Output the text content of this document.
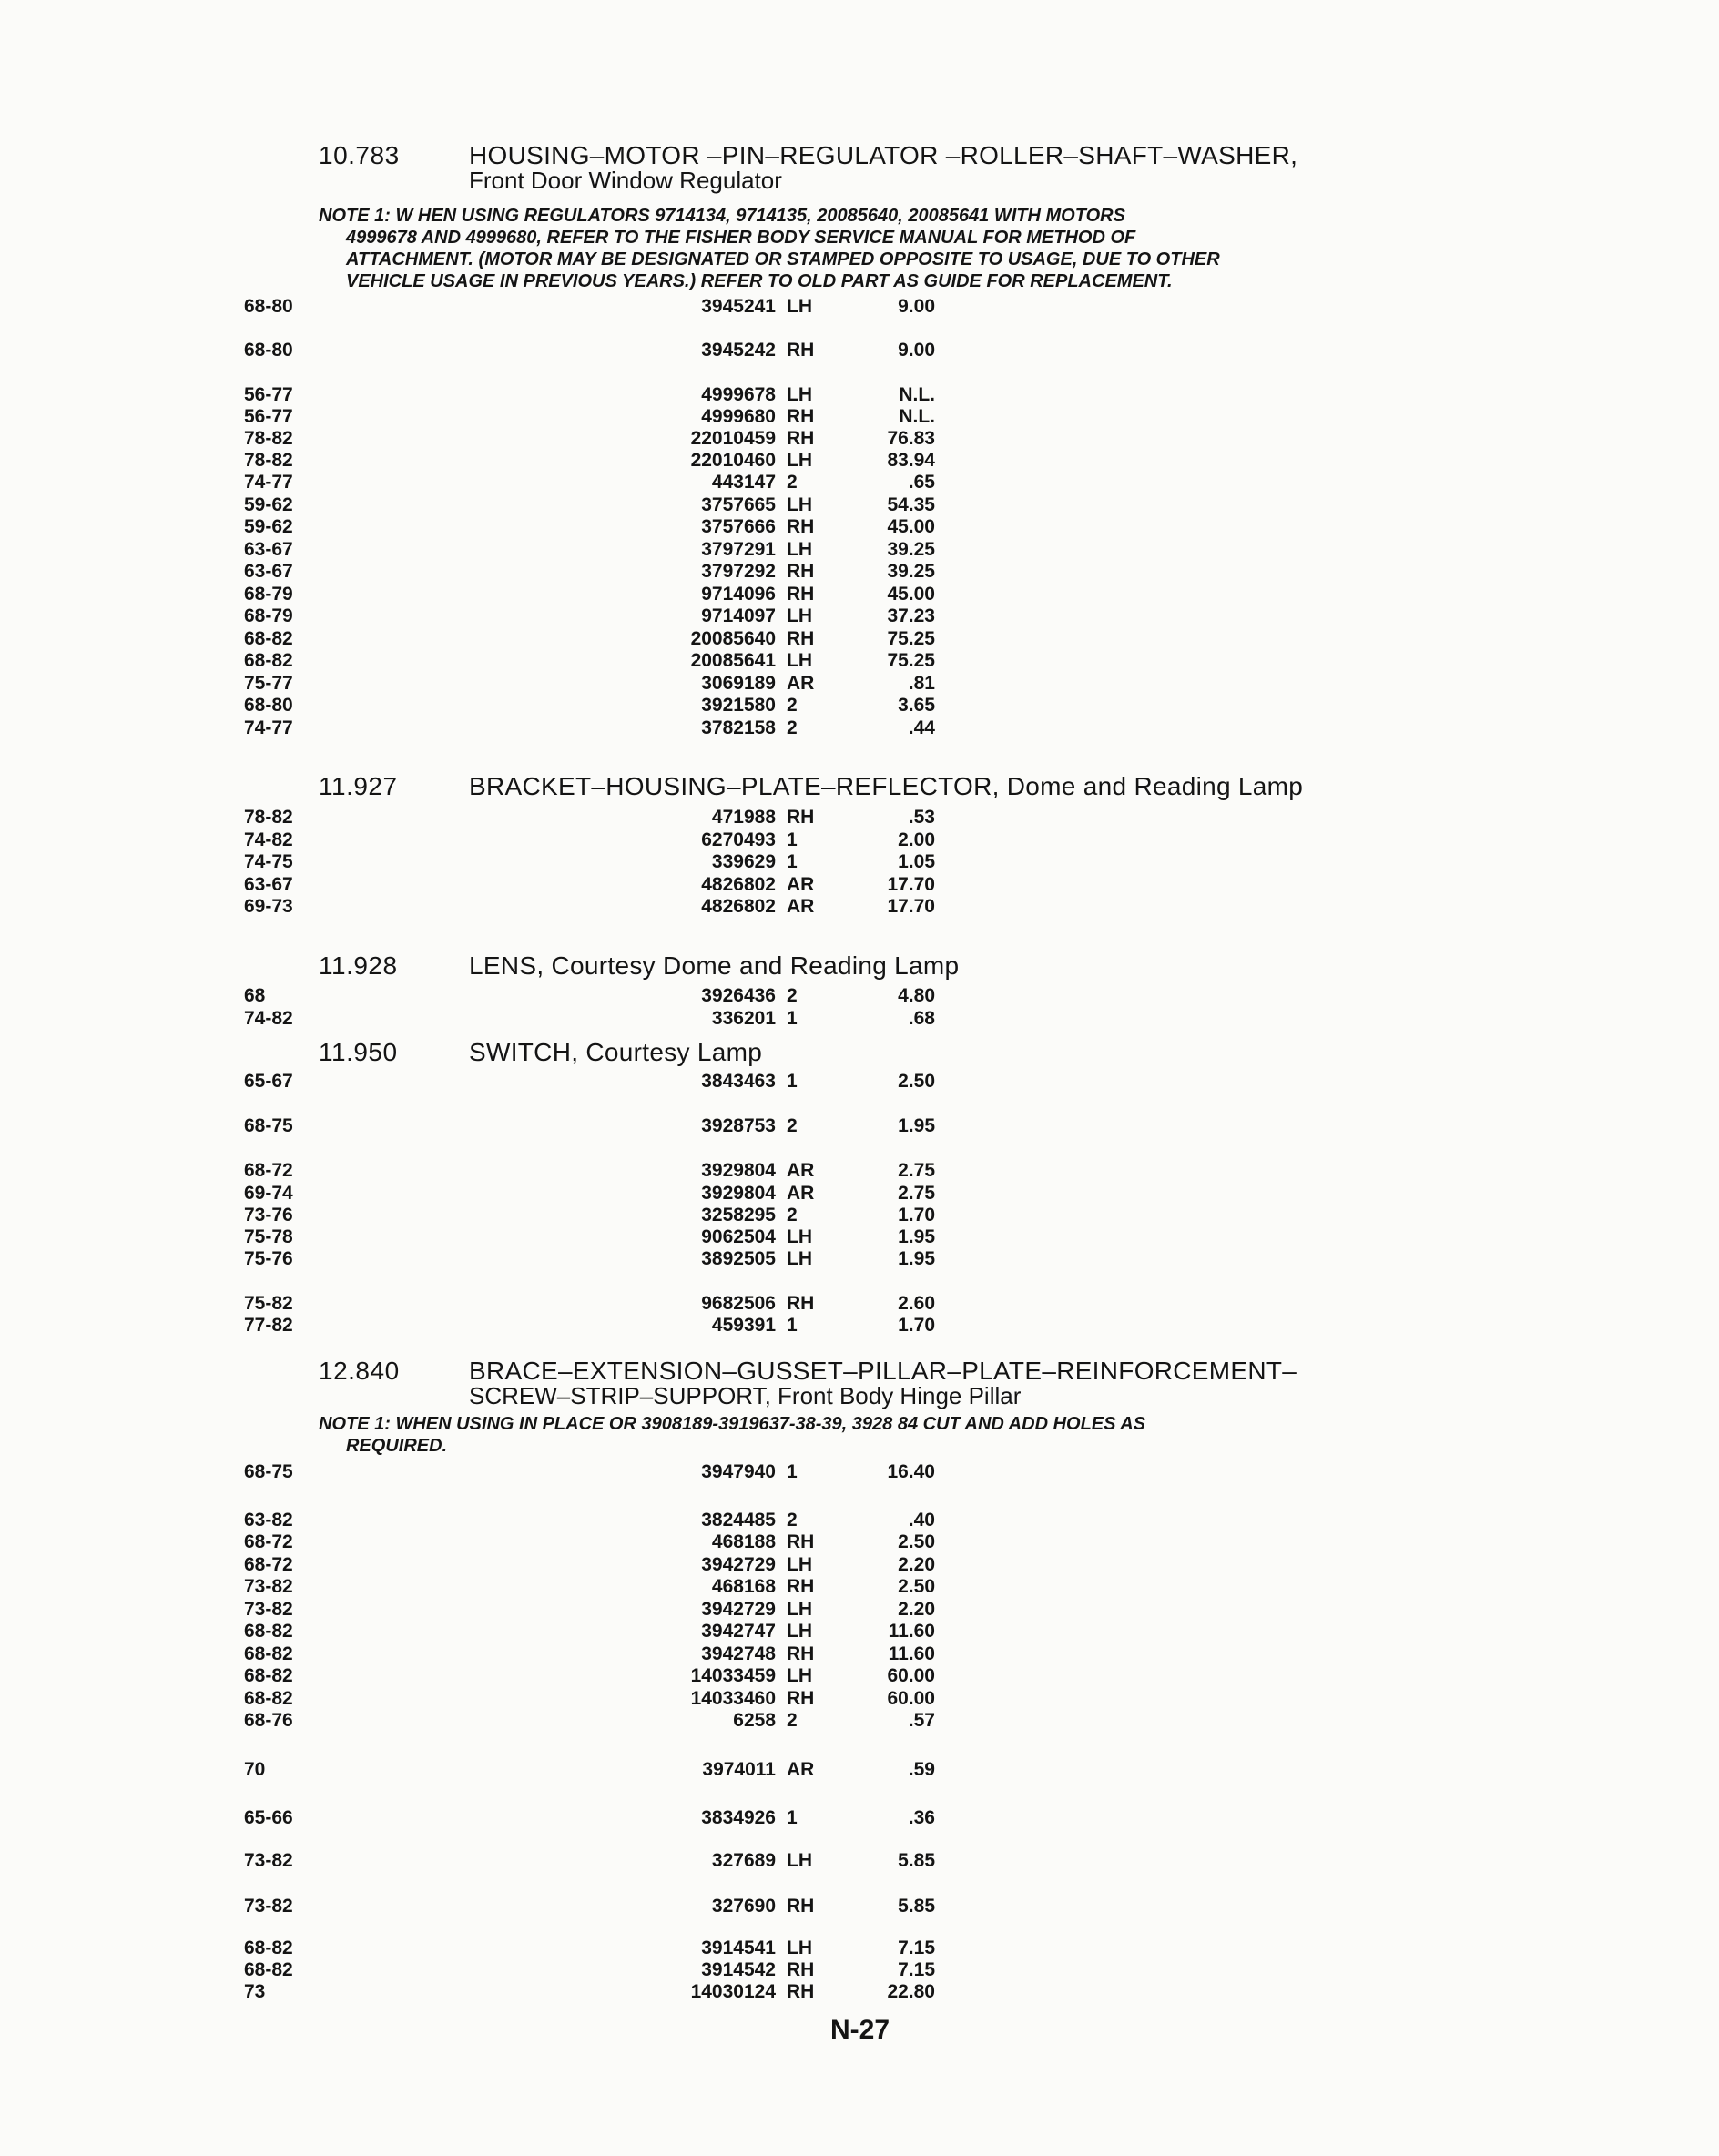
10.783	HOUSING–MOTOR –PIN–REGULATOR –ROLLER–SHAFT–WASHER,
Front Door Window Regulator
NOTE 1: W HEN USING REGULATORS 9714134, 9714135, 20085640, 20085641 WITH MOTORS
4999678 AND 4999680, REFER TO THE FISHER BODY SERVICE MANUAL FOR METHOD OF
ATTACHMENT. (MOTOR MAY BE DESIGNATED OR STAMPED OPPOSITE TO USAGE, DUE TO OTHER
VEHICLE USAGE IN PREVIOUS YEARS.) REFER TO OLD PART AS GUIDE FOR REPLACEMENT.
68-80	3945241 LH	9.00
68-80	3945242 RH	9.00
56-77	4999678 LH	N.L.
56-77	4999680 RH	N.L.
78-82	22010459 RH	76.83
78-82	22010460 LH	83.94
74-77	443147 2	.65
59-62	3757665 LH	54.35
59-62	3757666 RH	45.00
63-67	3797291 LH	39.25
63-67	3797292 RH	39.25
68-79	9714096 RH	45.00
68-79	9714097 LH	37.23
68-82	20085640 RH	75.25
68-82	20085641 LH	75.25
75-77	3069189 AR	.81
68-80	3921580 2	3.65
74-77	3782158 2	.44
11.927	BRACKET–HOUSING–PLATE–REFLECTOR, Dome and Reading Lamp
78-82	471988 RH	.53
74-82	6270493 1	2.00
74-75	339629 1	1.05
63-67	4826802 AR	17.70
69-73	4826802 AR	17.70
11.928	LENS, Courtesy Dome and Reading Lamp
68	3926436 2	4.80
74-82	336201 1	.68
11.950	SWITCH, Courtesy Lamp
65-67	3843463 1	2.50
68-75	3928753 2	1.95
68-72	3929804 AR	2.75
69-74	3929804 AR	2.75
73-76	3258295 2	1.70
75-78	9062504 LH	1.95
75-76	3892505 LH	1.95
75-82	9682506 RH	2.60
77-82	459391 1	1.70
12.840	BRACE–EXTENSION–GUSSET–PILLAR–PLATE–REINFORCEMENT–
SCREW–STRIP–SUPPORT, Front Body Hinge Pillar
NOTE 1: WHEN USING IN PLACE OR 3908189-3919637-38-39, 3928 84 CUT AND ADD HOLES AS
REQUIRED.
68-75	3947940 1	16.40
63-82	3824485 2	.40
68-72	468188 RH	2.50
68-72	3942729 LH	2.20
73-82	468168 RH	2.50
73-82	3942729 LH	2.20
68-82	3942747 LH	11.60
68-82	3942748 RH	11.60
68-82	14033459 LH	60.00
68-82	14033460 RH	60.00
68-76	6258 2	.57
70	3974011 AR	.59
65-66	3834926 1	.36
73-82	327689 LH	5.85
73-82	327690 RH	5.85
68-82	3914541 LH	7.15
68-82	3914542 RH	7.15
73	14030124 RH	22.80
N-27
